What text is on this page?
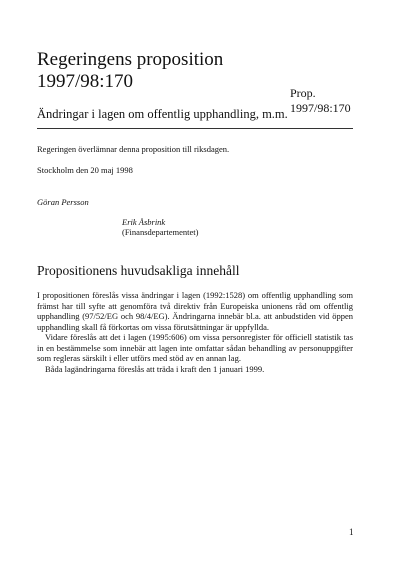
Regeringens proposition
1997/98:170
Prop.
1997/98:170
Ändringar i lagen om offentlig upphandling, m.m.
Regeringen överlämnar denna proposition till riksdagen.
Stockholm den 20 maj 1998
Göran Persson
Erik Åsbrink
(Finansdepartementet)
Propositionens huvudsakliga innehåll

I propositionen föreslås vissa ändringar i lagen (1992:1528) om offentlig upphandling som främst har till syfte att genomföra två direktiv från Europeiska unionens råd om offentlig upphandling (97/52/EG och 98/4/EG). Ändringarna innebär bl.a. att anbudstiden vid öppen upphandling skall få förkortas om vissa förutsättningar är uppfyllda.

Vidare föreslås att det i lagen (1995:606) om vissa personregister för officiell statistik tas in en bestämmelse som innebär att lagen inte omfattar sådan behandling av personuppgifter som regleras särskilt i eller utförs med stöd av en annan lag.

Båda lagändringarna föreslås att träda i kraft den 1 januari 1999.

1
